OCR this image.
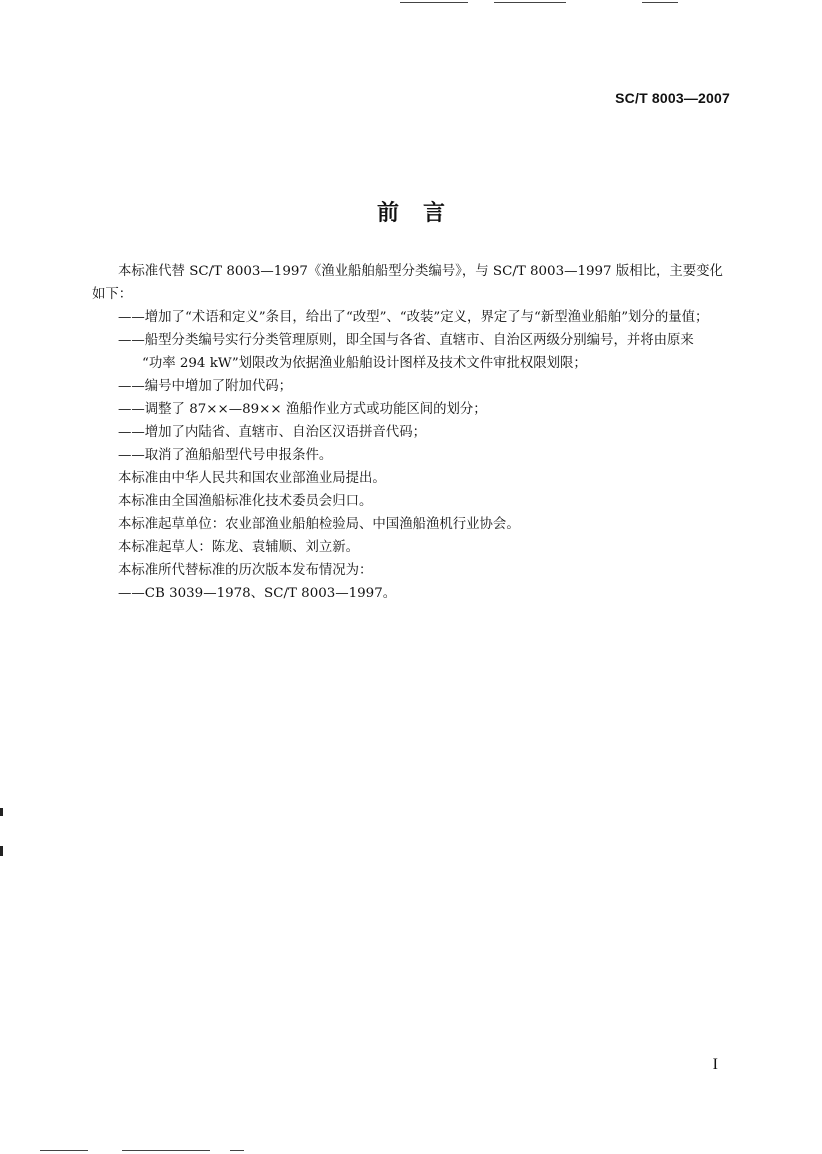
SC/T 8003—2007
前言

本标准代替 SC/T 8003—1997《渔业船舶船型分类编号》，与 SC/T 8003—1997 版相比，主要变化

如下：

——增加了“术语和定义”条目，给出了“改型”、“改装”定义，界定了与“新型渔业船舶”划分的量值；

——船型分类编号实行分类管理原则，即全国与各省、直辖市、自治区两级分别编号，并将由原来

“功率 294 kW”划限改为依据渔业船舶设计图样及技术文件审批权限划限；

——编号中增加了附加代码；

——调整了 87××—89×× 渔船作业方式或功能区间的划分；

——增加了内陆省、直辖市、自治区汉语拼音代码；

——取消了渔船船型代号申报条件。

本标准由中华人民共和国农业部渔业局提出。

本标准由全国渔船标准化技术委员会归口。

本标准起草单位：农业部渔业船舶检验局、中国渔船渔机行业协会。

本标准起草人：陈龙、袁辅顺、刘立新。

本标准所代替标准的历次版本发布情况为：

——CB 3039—1978、SC/T 8003—1997。

I
